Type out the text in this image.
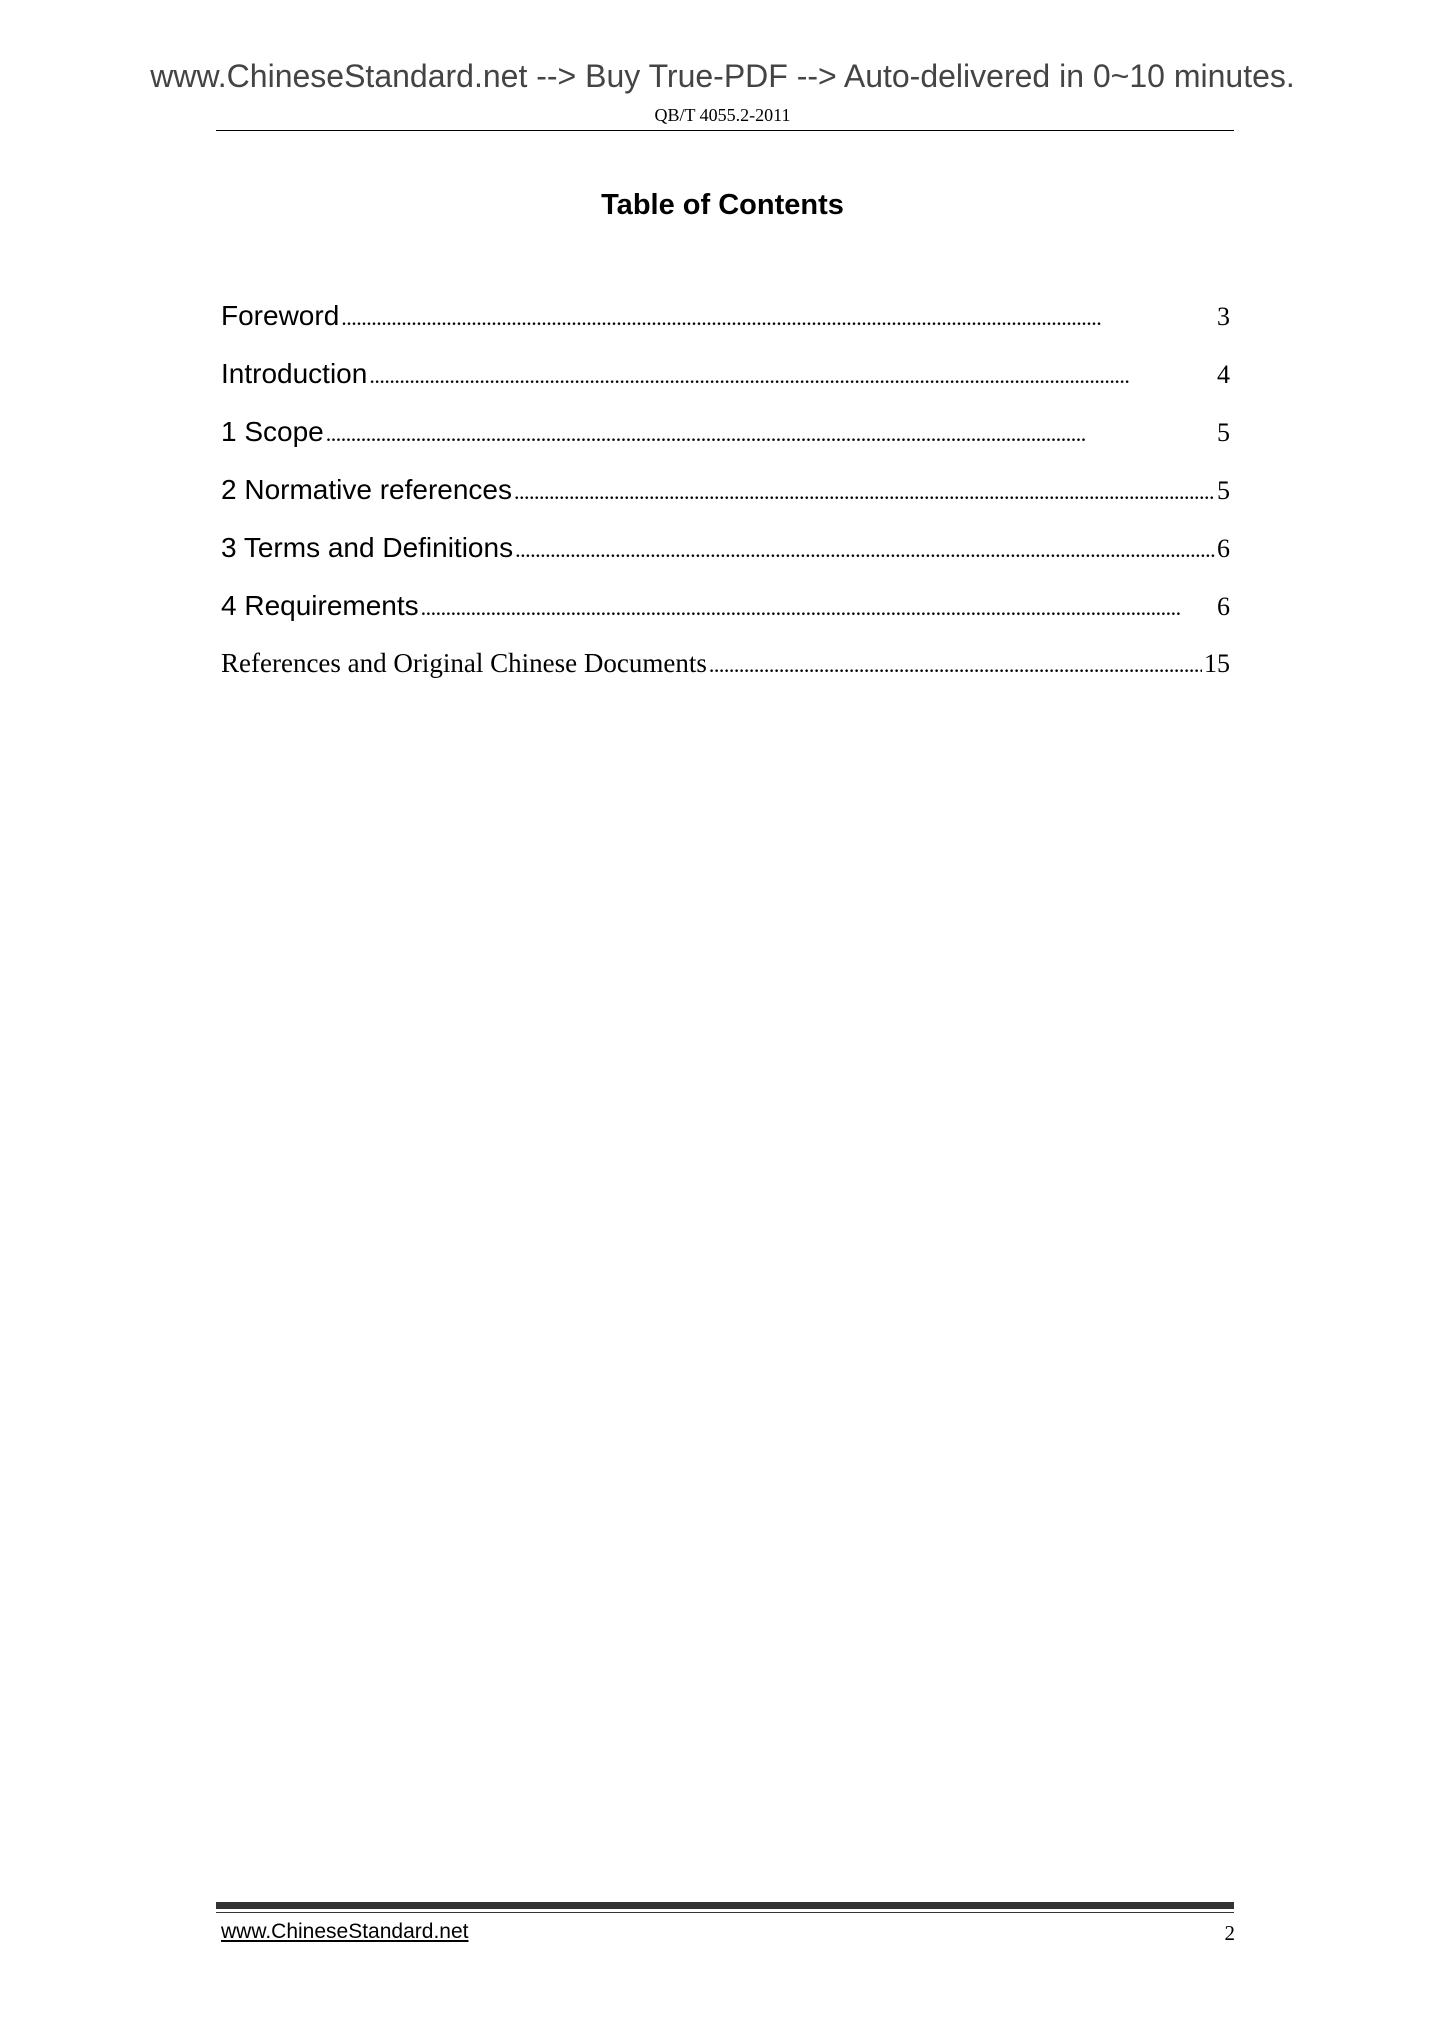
www.ChineseStandard.net --> Buy True-PDF --> Auto-delivered in 0~10 minutes.
QB/T 4055.2-2011
Table of Contents
Foreword . . .	3
Introduction . . .	4
1 Scope . . .	5
2 Normative references . . .	5
3 Terms and Definitions . . .	6
4 Requirements . . .	6
References and Original Chinese Documents . . .	15
www.ChineseStandard.net	2
